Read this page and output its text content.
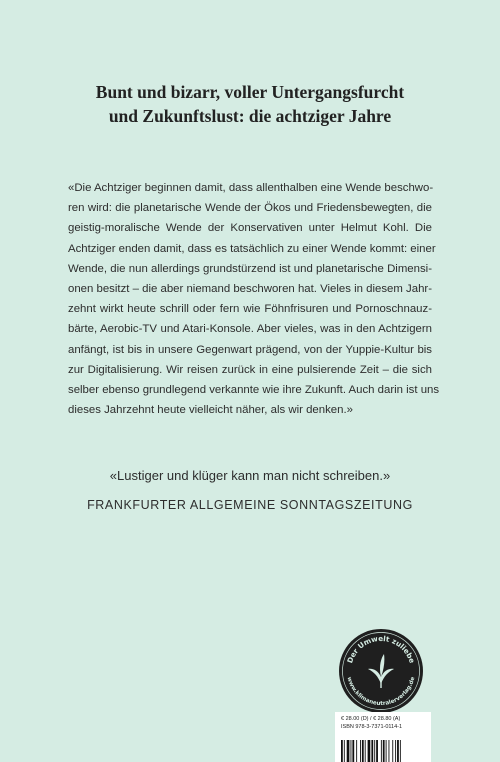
Bunt und bizarr, voller Untergangsfurcht
und Zukunftslust: die achtziger Jahre
«Die Achtziger beginnen damit, dass allenthalben eine Wende beschwo-
ren wird: die planetarische Wende der Ökos und Friedensbewegten, die
geistig-moralische Wende der Konservativen unter Helmut Kohl. Die
Achtziger enden damit, dass es tatsächlich zu einer Wende kommt: einer
Wende, die nun allerdings grundstürzend ist und planetarische Dimensi-
onen besitzt – die aber niemand beschworen hat. Vieles in diesem Jahr-
zehnt wirkt heute schrill oder fern wie Föhnfrisuren und Pornoschnauz-
bärte, Aerobic-TV und Atari-Konsole. Aber vieles, was in den Achtzigern
anfängt, ist bis in unsere Gegenwart prägend, von der Yuppie-Kultur bis
zur Digitalisierung. Wir reisen zurück in eine pulsierende Zeit – die sich
selber ebenso grundlegend verkannte wie ihre Zukunft. Auch darin ist uns
dieses Jahrzehnt heute vielleicht näher, als wir denken.»
«Lustiger und klüger kann man nicht schreiben.»
FRANKFURTER ALLGEMEINE SONNTAGSZEITUNG
Der Umwelt zuliebe
www.klimaneutralerverlag.de
€ 28.00 (D) / € 28.80 (A)
ISBN 978-3-7371-0114-1
